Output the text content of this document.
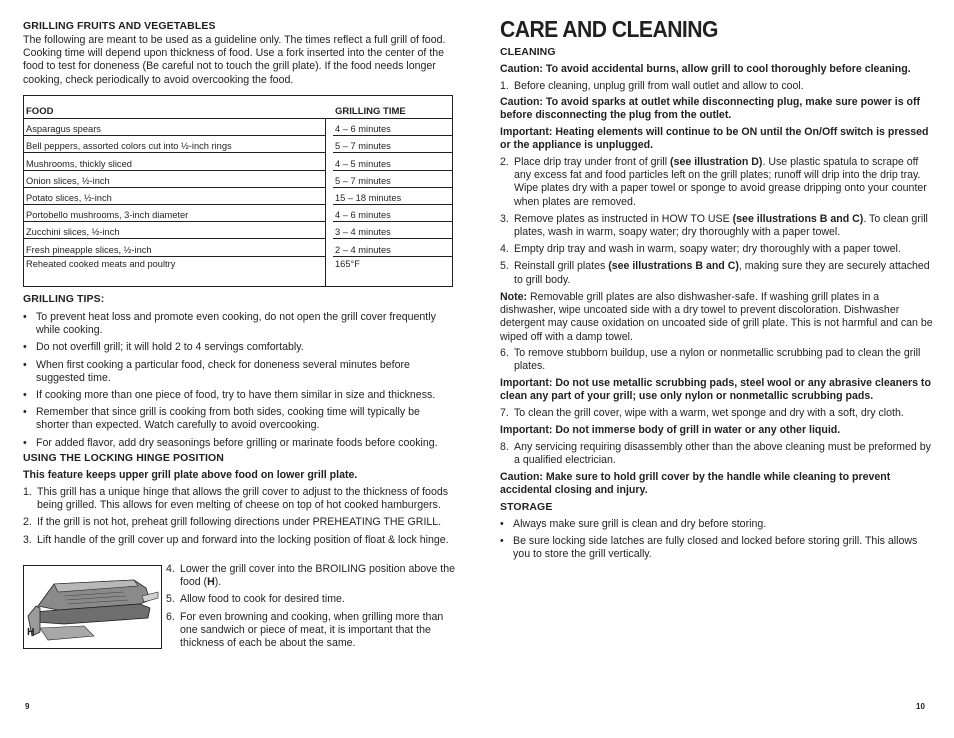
GRILLING FRUITS AND VEGETABLES
The following are meant to be used as a guideline only. The times reflect a full grill of food. Cooking time will depend upon thickness of food. Use a fork inserted into the center of the food to test for doneness (Be careful not to touch the grill plate). If the food needs longer cooking, check periodically to avoid overcooking the food.
FOOD		GRILLING TIME
Asparagus spears		4 – 6 minutes
Bell peppers, assorted colors cut into ½-inch rings		5 – 7 minutes
Mushrooms, thickly sliced		4 – 5 minutes
Onion slices, ½-inch		5 – 7 minutes
Potato slices, ½-inch		15 – 18 minutes
Portobello mushrooms, 3-inch diameter		4 – 6 minutes
Zucchini slices, ½-inch		3 – 4 minutes
Fresh pineapple slices, ½-inch		2 – 4 minutes
Reheated cooked meats and poultry		165°F
GRILLING TIPS:
• To prevent heat loss and promote even cooking, do not open the grill cover frequently while cooking.
• Do not overfill grill; it will hold 2 to 4 servings comfortably.
• When first cooking a particular food, check for doneness several minutes before suggested time.
• If cooking more than one piece of food, try to have them similar in size and thickness.
• Remember that since grill is cooking from both sides, cooking time will typically be shorter than expected. Watch carefully to avoid overcooking.
• For added flavor, add dry seasonings before grilling or marinate foods before cooking.
USING THE LOCKING HINGE POSITION
This feature keeps upper grill plate above food on lower grill plate.
1. This grill has a unique hinge that allows the grill cover to adjust to the thickness of foods being grilled. This allows for even melting of cheese on top of hot cooked hamburgers.
2. If the grill is not hot, preheat grill following directions under PREHEATING THE GRILL.
3. Lift handle of the grill cover up and forward into the locking position of float & lock hinge.
4. Lower the grill cover into the BROILING position above the food (H).
5. Allow food to cook for desired time.
6. For even browning and cooking, when grilling more than one sandwich or piece of meat, it is important that the thickness of each be about the same.
H
9
CARE AND CLEANING
CLEANING
Caution: To avoid accidental burns, allow grill to cool thoroughly before cleaning.
1. Before cleaning, unplug grill from wall outlet and allow to cool.
Caution: To avoid sparks at outlet while disconnecting plug, make sure power is off before disconnecting the plug from the outlet.
Important: Heating elements will continue to be ON until the On/Off switch is pressed or the appliance is unplugged.
2. Place drip tray under front of grill (see illustration D). Use plastic spatula to scrape off any excess fat and food particles left on the grill plates; runoff will drip into the drip tray. Wipe plates dry with a paper towel or sponge to avoid grease dripping onto your counter when plates are removed.
3. Remove plates as instructed in HOW TO USE (see illustrations B and C). To clean grill plates, wash in warm, soapy water; dry thoroughly with a paper towel.
4. Empty drip tray and wash in warm, soapy water; dry thoroughly with a paper towel.
5. Reinstall grill plates (see illustrations B and C), making sure they are securely attached to grill body.
Note: Removable grill plates are also dishwasher-safe. If washing grill plates in a dishwasher, wipe uncoated side with a dry towel to prevent discoloration. Dishwasher detergent may cause oxidation on uncoated side of grill plate. This is not harmful and can be wiped off with a damp towel.
6. To remove stubborn buildup, use a nylon or nonmetallic scrubbing pad to clean the grill plates.
Important: Do not use metallic scrubbing pads, steel wool or any abrasive cleaners to clean any part of your grill; use only nylon or nonmetallic scrubbing pads.
7. To clean the grill cover, wipe with a warm, wet sponge and dry with a soft, dry cloth.
Important: Do not immerse body of grill in water or any other liquid.
8. Any servicing requiring disassembly other than the above cleaning must be preformed by a qualified electrician.
Caution: Make sure to hold grill cover by the handle while cleaning to prevent accidental closing and injury.
STORAGE
• Always make sure grill is clean and dry before storing.
• Be sure locking side latches are fully closed and locked before storing grill. This allows you to store the grill vertically.
10
